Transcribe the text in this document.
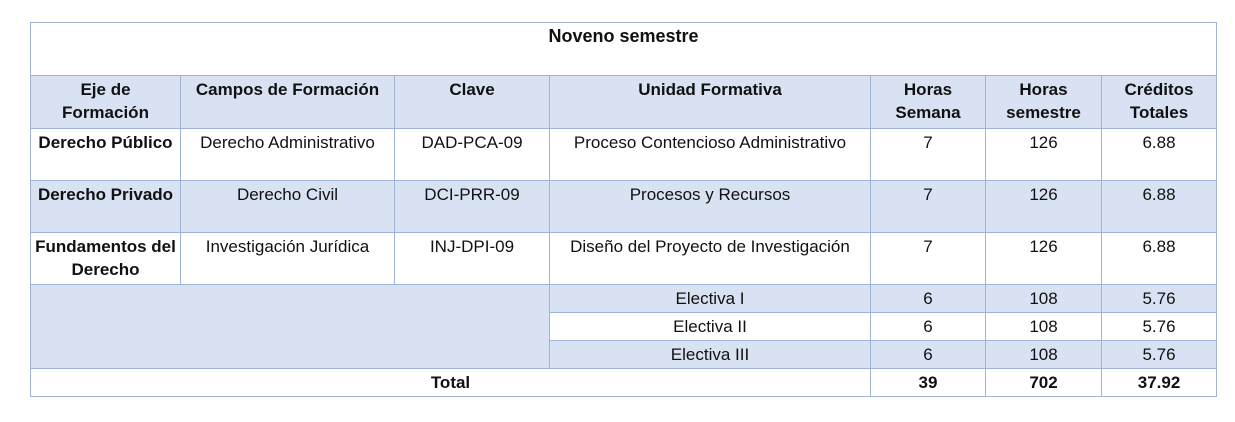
Noveno semestre						
Eje de Formación	Campos de Formación	Clave	Unidad Formativa	Horas Semana	Horas semestre	Créditos Totales
Derecho Público	Derecho Administrativo	DAD-PCA-09	Proceso Contencioso Administrativo	7	126	6.88
Derecho Privado	Derecho Civil	DCI-PRR-09	Procesos y Recursos	7	126	6.88
Fundamentos del Derecho	Investigación Jurídica	INJ-DPI-09	Diseño del Proyecto de Investigación	7	126	6.88
			Electiva I	6	108	5.76
			Electiva II	6	108	5.76
			Electiva III	6	108	5.76
Total				39	702	37.92
